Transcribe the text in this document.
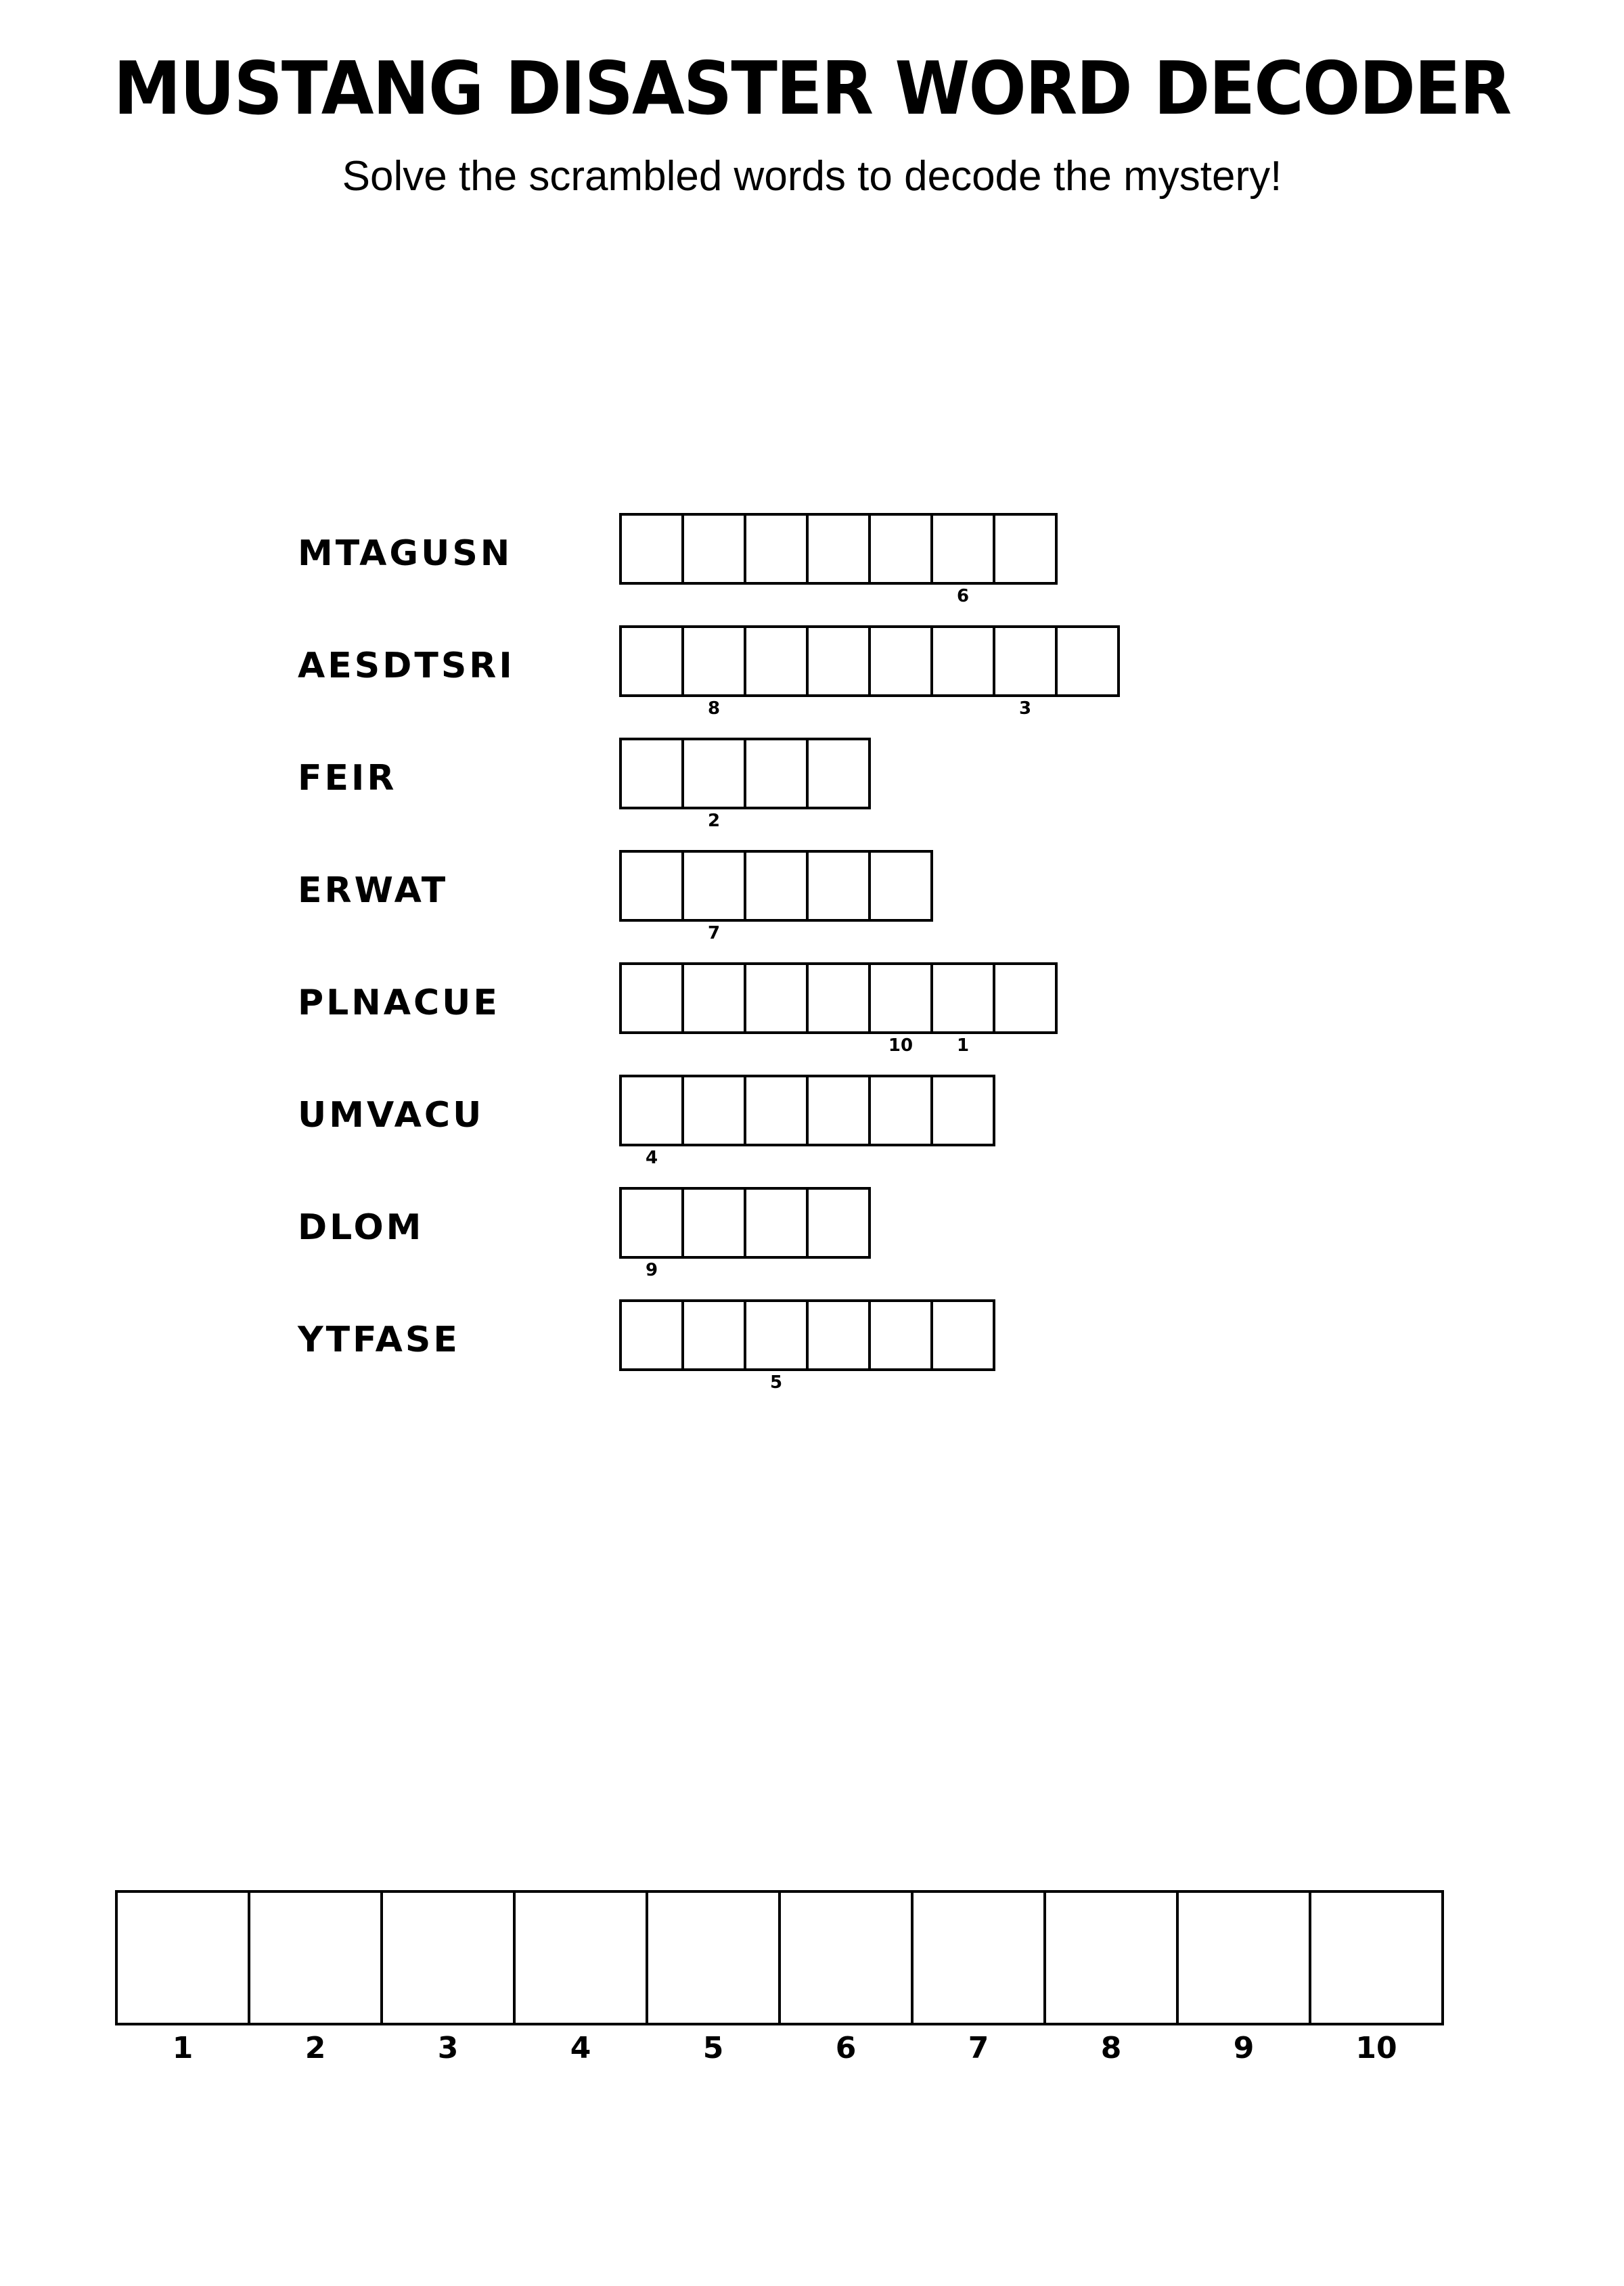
MUSTANG DISASTER WORD DECODER
Solve the scrambled words to decode the mystery!
MTAGUSN
6
AESDTSRI
8	3
FEIR
2
ERWAT
7
PLNACUE
10 1
UMVACU
4
DLOM
9
YTFASE
5
1	2	3	4	5	6	7	8	9	10
